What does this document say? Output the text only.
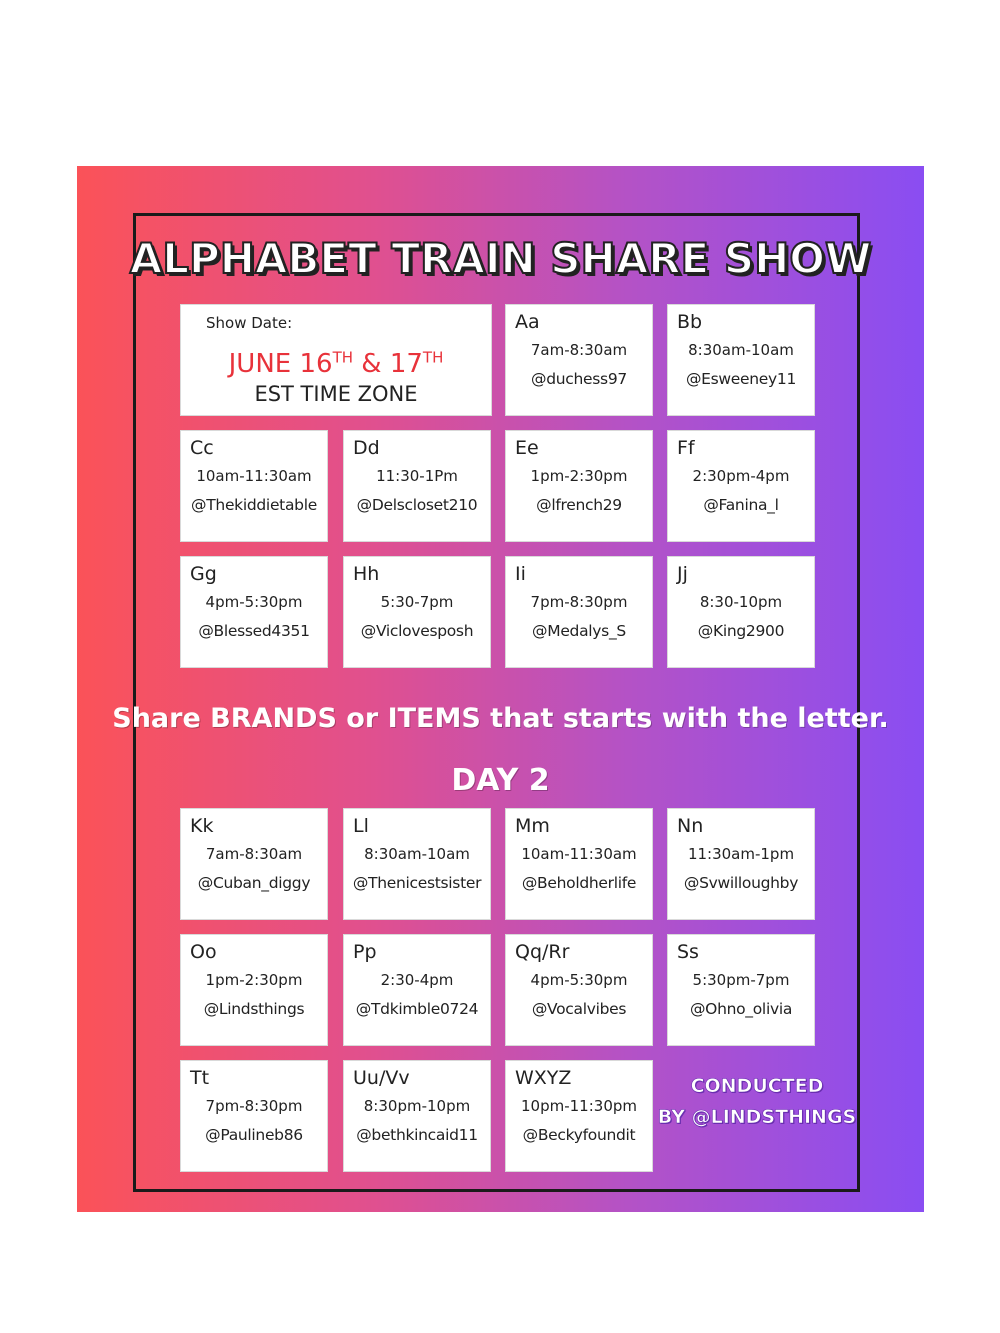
ALPHABET TRAIN SHARE SHOW
Show Date:
JUNE 16TH & 17TH
EST TIME ZONE
Aa
7am-8:30am
@duchess97
Bb
8:30am-10am
@Esweeney11
Cc
10am-11:30am
@Thekiddietable
Dd
11:30-1Pm
@Delscloset210
Ee
1pm-2:30pm
@lfrench29
Ff
2:30pm-4pm
@Fanina_l
Gg
4pm-5:30pm
@Blessed4351
Hh
5:30-7pm
@Viclovesposh
Ii
7pm-8:30pm
@Medalys_S
Jj
8:30-10pm
@King2900
Share BRANDS or ITEMS that starts with the letter.
DAY 2
Kk
7am-8:30am
@Cuban_diggy
Ll
8:30am-10am
@Thenicestsister
Mm
10am-11:30am
@Beholdherlife
Nn
11:30am-1pm
@Svwilloughby
Oo
1pm-2:30pm
@Lindsthings
Pp
2:30-4pm
@Tdkimble0724
Qq/Rr
4pm-5:30pm
@Vocalvibes
Ss
5:30pm-7pm
@Ohno_olivia
Tt
7pm-8:30pm
@Paulineb86
Uu/Vv
8:30pm-10pm
@bethkincaid11
WXYZ
10pm-11:30pm
@Beckyfoundit
CONDUCTED
BY @LINDSTHINGS
